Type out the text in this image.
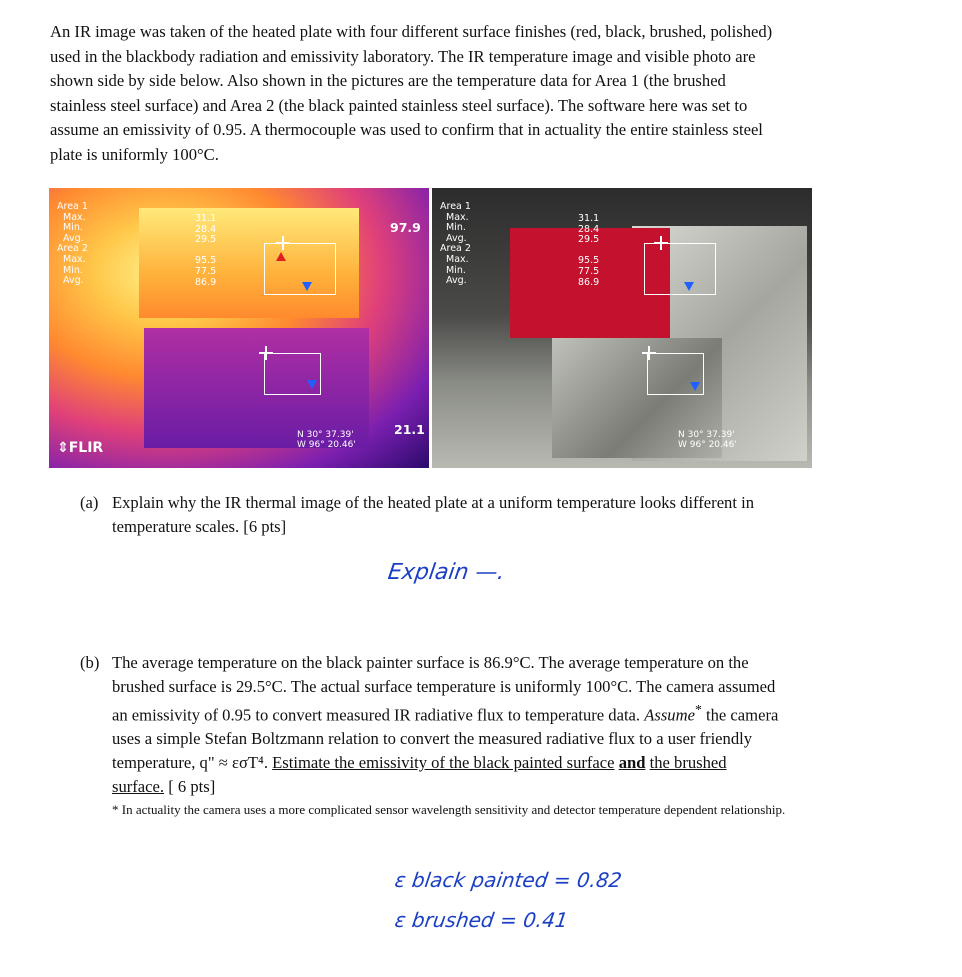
An IR image was taken of the heated plate with four different surface finishes (red, black, brushed, polished)
used in the blackbody radiation and emissivity laboratory. The IR temperature image and visible photo are
shown side by side below. Also shown in the pictures are the temperature data for Area 1 (the brushed
stainless steel surface) and Area 2 (the black painted stainless steel surface). The software here was set to
assume an emissivity of 0.95. A thermocouple was used to confirm that in actuality the entire stainless steel
plate is uniformly 100°C.
Area 1
Max.
Min.
Avg.
Area 2
Max.
Min.
Avg.
31.1
28.4
29.5

95.5
77.5
86.9
97.9
21.1
N 30° 37.39'
W 96° 20.46'
⇕FLIR
Area 1
Max.
Min.
Avg.
Area 2
Max.
Min.
Avg.
31.1
28.4
29.5

95.5
77.5
86.9
N 30° 37.39'
W 96° 20.46'
(a) Explain why the IR thermal image of the heated plate at a uniform temperature looks different in
temperature scales. [6 pts]
Explain —.
(b) The average temperature on the black painter surface is 86.9°C. The average temperature on the
brushed surface is 29.5°C. The actual surface temperature is uniformly 100°C. The camera assumed
an emissivity of 0.95 to convert measured IR radiative flux to temperature data. Assume* the camera
uses a simple Stefan Boltzmann relation to convert the measured radiative flux to a user friendly
temperature, q" ≈ εσT⁴. Estimate the emissivity of the black painted surface and the brushed
surface. [ 6 pts]
* In actuality the camera uses a more complicated sensor wavelength sensitivity and detector temperature dependent relationship.
ε black painted = 0.82
ε brushed = 0.41
